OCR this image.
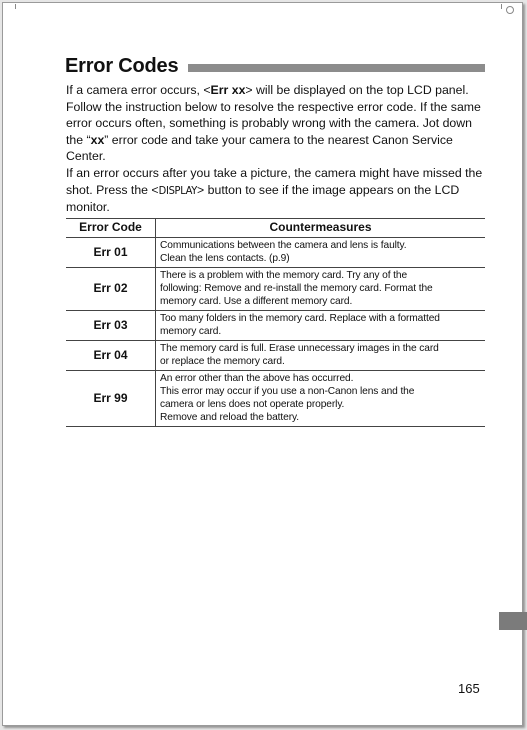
Error Codes

If a camera error occurs, <Err xx> will be displayed on the top LCD panel. Follow the instruction below to resolve the respective error code. If the same error occurs often, something is probably wrong with the camera. Jot down the “xx” error code and take your camera to the nearest Canon Service Center.

If an error occurs after you take a picture, the camera might have missed the shot. Press the <DISPLAY> button to see if the image appears on the LCD monitor.

Error Code	Countermeasures
Err 01	Communications between the camera and lens is faulty.
Clean the lens contacts. (p.9)

Err 02	There is a problem with the memory card. Try any of the
following: Remove and re-install the memory card. Format the
memory card. Use a different memory card.

Err 03	Too many folders in the memory card. Replace with a formatted
memory card.

Err 04	The memory card is full. Erase unnecessary images in the card
or replace the memory card.

Err 99	An error other than the above has occurred.
This error may occur if you use a non-Canon lens and the
camera or lens does not operate properly.
Remove and reload the battery.
165
